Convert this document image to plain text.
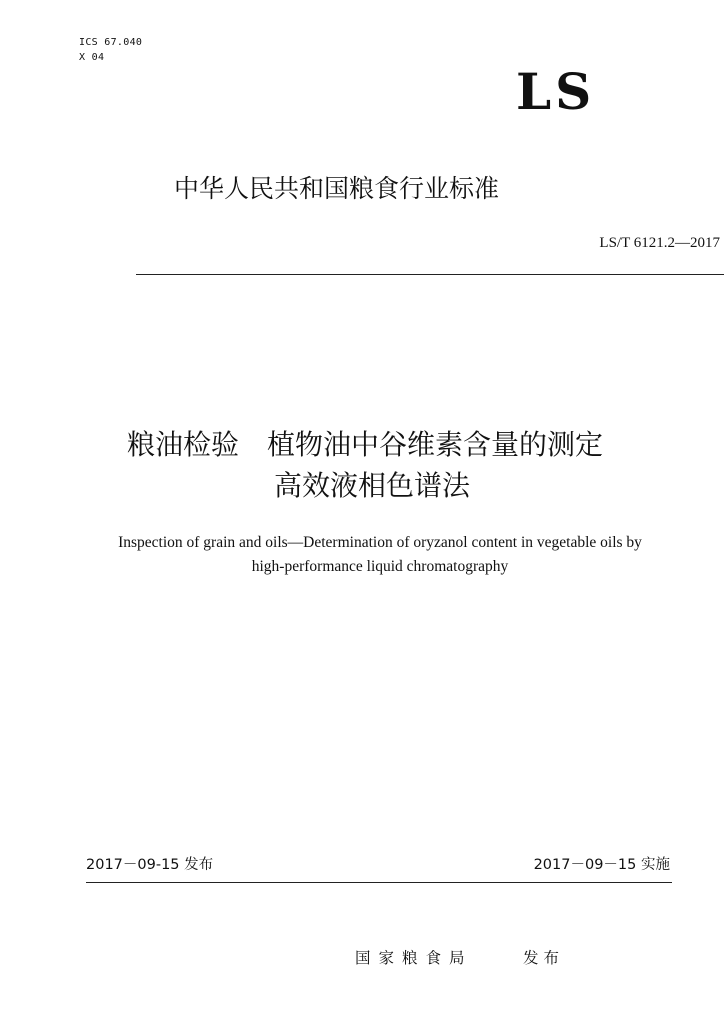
ICS 67.040
X 04
LS
中华人民共和国粮食行业标准
LS/T 6121.2—2017
粮油检验　植物油中谷维素含量的测定
高效液相色谱法
Inspection of grain and oils—Determination of oryzanol content in vegetable oils by
high-performance liquid chromatography
2017－09-15 发布	2017－09－15 实施
国家粮食局	发布
